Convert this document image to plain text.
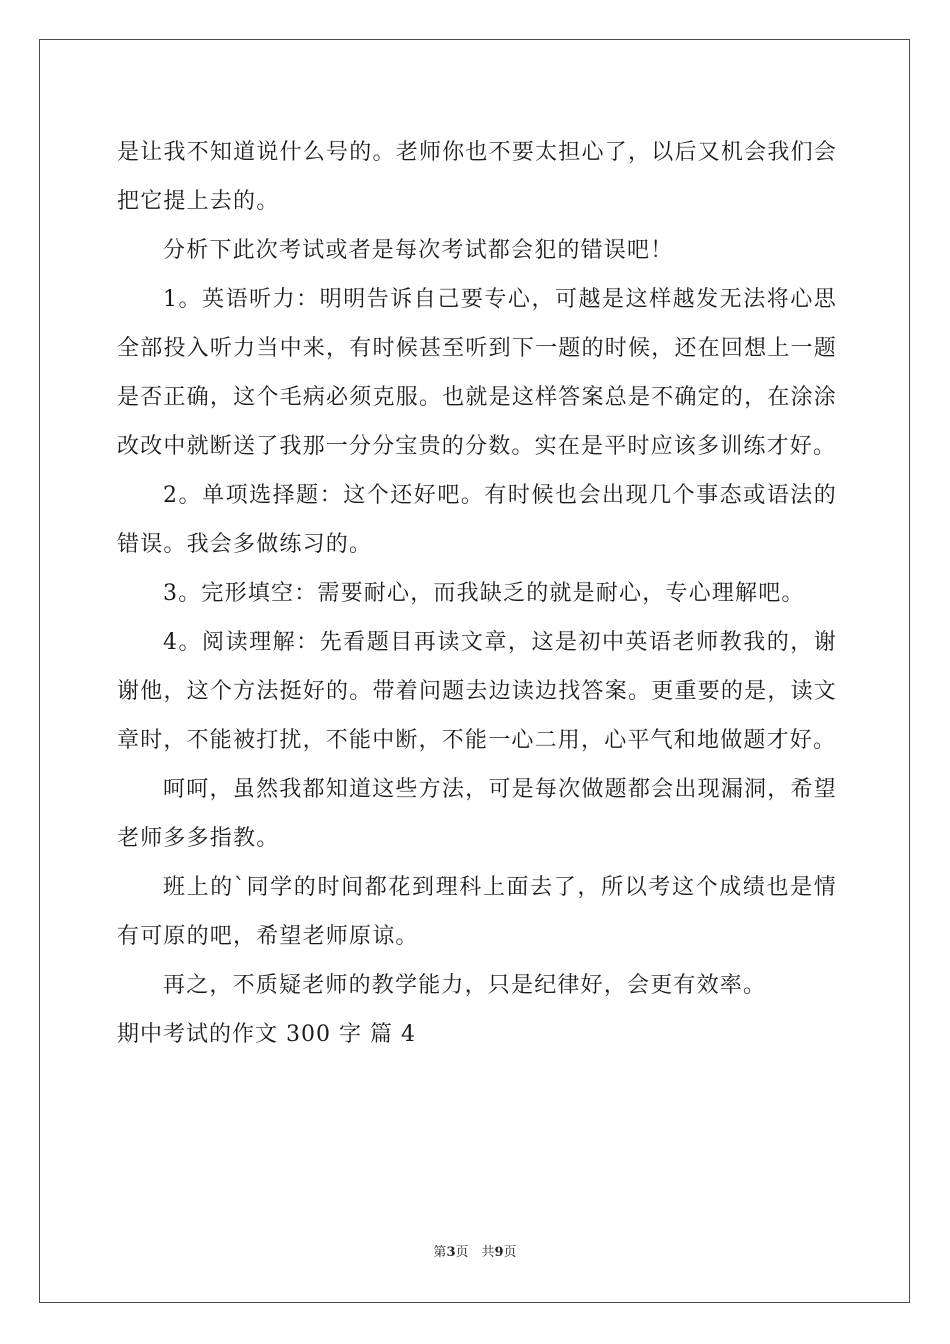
是让我不知道说什么号的。老师你也不要太担心了，以后又机会我们会把它提上去的。

分析下此次考试或者是每次考试都会犯的错误吧！

1。英语听力：明明告诉自己要专心，可越是这样越发无法将心思全部投入听力当中来，有时候甚至听到下一题的时候，还在回想上一题是否正确，这个毛病必须克服。也就是这样答案总是不确定的，在涂涂改改中就断送了我那一分分宝贵的分数。实在是平时应该多训练才好。

2。单项选择题：这个还好吧。有时候也会出现几个事态或语法的错误。我会多做练习的。

3。完形填空：需要耐心，而我缺乏的就是耐心，专心理解吧。

4。阅读理解：先看题目再读文章，这是初中英语老师教我的，谢谢他，这个方法挺好的。带着问题去边读边找答案。更重要的是，读文章时，不能被打扰，不能中断，不能一心二用，心平气和地做题才好。

呵呵，虽然我都知道这些方法，可是每次做题都会出现漏洞，希望老师多多指教。

班上的`同学的时间都花到理科上面去了，所以考这个成绩也是情有可原的吧，希望老师原谅。

再之，不质疑老师的教学能力，只是纪律好，会更有效率。

期中考试的作文 300 字 篇 4

第3页　共9页
